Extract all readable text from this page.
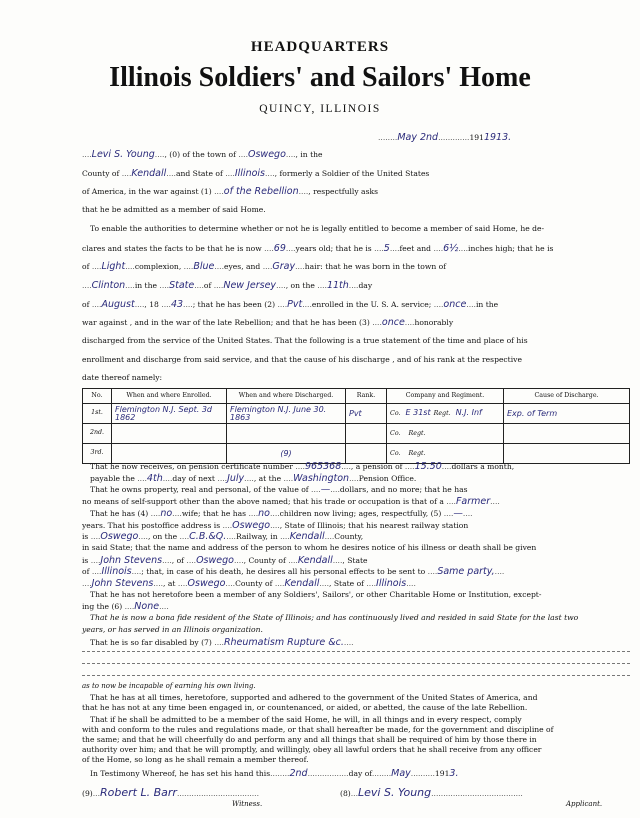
HEADQUARTERS
Illinois Soldiers' and Sailors' Home
QUINCY, ILLINOIS
........May 2nd.............1911913.
....Levi S. Young...., (0) of the town of ....Oswego...., in the
County of ....Kendall....and State of ....Illinois...., formerly a Soldier of the United States
of America, in the war against (1) ....of the Rebellion...., respectfully asks
that he be admitted as a member of said Home.
To enable the authorities to determine whether or not he is legally entitled to become a member of said Home, he de-
clares and states the facts to be that he is now ....69....years old; that he is ....5....feet and ....6½....inches high; that he is
of ....Light....complexion, ....Blue....eyes, and ....Gray....hair: that he was born in the town of
....Clinton....in the ....State....of ....New Jersey...., on the ....11th....day
of ....August...., 18 ....43....; that he has been (2) ....Pvt....enrolled in the U. S. A. service; ....once....in the
war against , and in the war of the late Rebellion; and that he has been (3) ....once....honorably
discharged from the service of the United States. That the following is a true statement of the time and place of his
enrollment and discharge from said service, and that the cause of his discharge , and of his rank at the respective
date thereof namely:
No.	When and where Enrolled.	When and where Discharged.	Rank.	Company and Regiment.	Cause of Discharge.
1st.	Flemington N.J. Sept. 3d 1862	Flemington N.J. June 30. 1863	Pvt	Co. E 31st Regt. N.J. Inf	Exp. of Term
2nd.				Co. Regt.	
3rd.		(9)		Co. Regt.	
That he now receives, on pension certificate number ....965368...., a pension of ....15.50....dollars a month,
payable the ....4th....day of next ....July...., at the ....Washington....Pension Office.
That he owns property, real and personal, of the value of ....—....dollars, and no more; that he has
no means of self-support other than the above named; that his trade or occupation is that of a ....Farmer....
That he has (4) ....no....wife; that he has ....no....children now living; ages, respectfully, (5) ....—....
years. That his postoffice address is ....Oswego...., State of Illinois; that his nearest railway station
is ....Oswego...., on the ....C.B.&Q.....Railway, in ....Kendall....County,
in said State; that the name and address of the person to whom he desires notice of his illness or death shall be given
is ....John Stevens...., of ....Oswego...., County of ....Kendall...., State
of ....Illinois....; that, in case of his death, he desires all his personal effects to be sent to ....Same party,....
....John Stevens...., at ....Oswego....County of ....Kendall...., State of ....Illinois....
That he has not heretofore been a member of any Soldiers', Sailors', or other Charitable Home or Institution, except-
ing the (6) ....None....
That he is now a bona fide resident of the State of Illinois; and has continuously lived and resided in said State for the last two
years, or has served in an Illinois organization.
That he is so far disabled by (7) ....Rheumatism Rupture &c.....
as to now be incapable of earning his own living.
That he has at all times, heretofore, supported and adhered to the government of the United States of America, and
that he has not at any time been engaged in, or countenanced, or aided, or abetted, the cause of the late Rebellion.
That if he shall be admitted to be a member of the said Home, he will, in all things and in every respect, comply
with and conform to the rules and regulations made, or that shall hereafter be made, for the government and discipline of
the same; and that he will cheerfully do and perform any and all things that shall be required of him by those there in
authority over him; and that he will promptly, and willingly, obey all lawful orders that he shall receive from any officer
of the Home, so long as he shall remain a member thereof.
In Testimony Whereof, he has set his hand this........2nd.................day of........May..........1913.
(9)...Robert L. Barr..................................
Witness.
(8)...Levi S. Young......................................
Applicant.
